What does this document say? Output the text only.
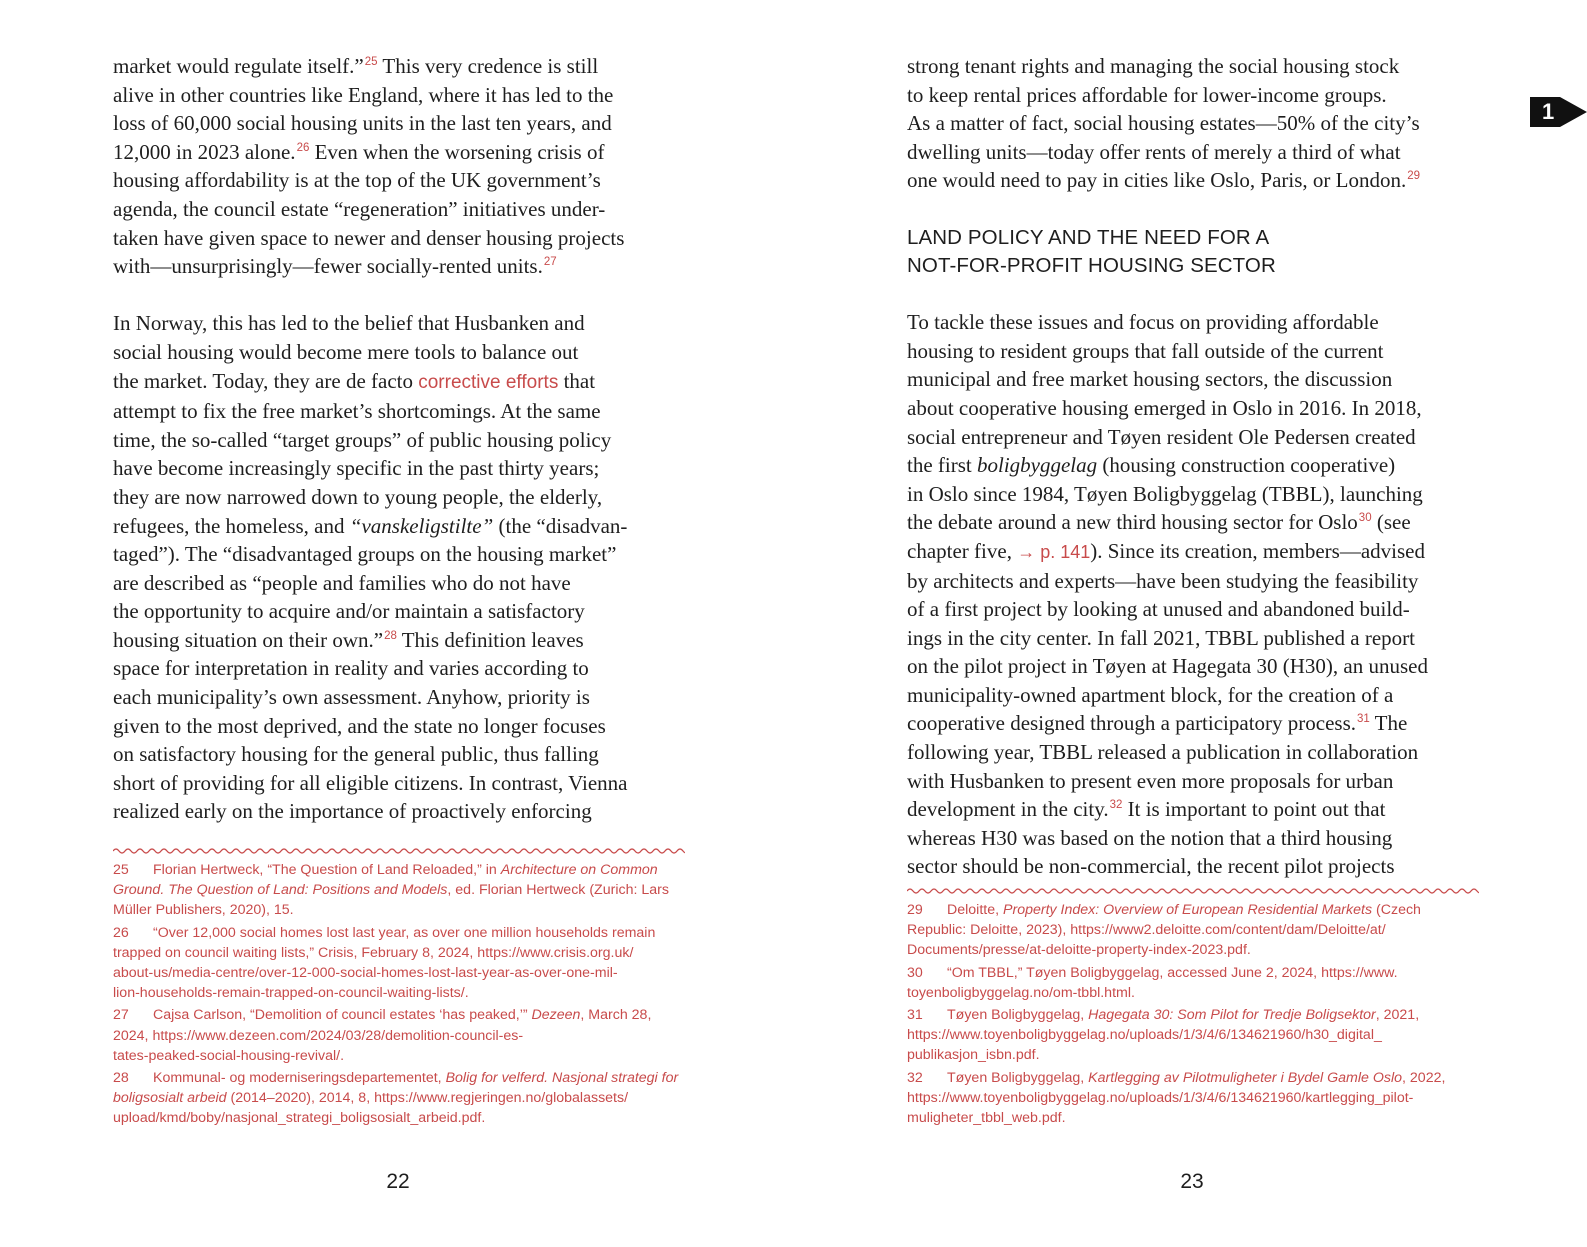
market would regulate itself.”$^{25}$ This very credence is still

alive in other countries like England, where it has led to the

loss of 60,000 social housing units in the last ten years, and

12,000 in 2023 alone.$^{26}$ Even when the worsening crisis of

housing affordability is at the top of the UK government’s

agenda, the council estate “regeneration” initiatives under-

taken have given space to newer and denser housing projects

with—unsurprisingly—fewer socially-rented units.$^{27}$

In Norway, this has led to the belief that Husbanken and

social housing would become mere tools to balance out

the market. Today, they are de facto corrective efforts that

attempt to fix the free market’s shortcomings. At the same

time, the so-called “target groups” of public housing policy

have become increasingly specific in the past thirty years;

they are now narrowed down to young people, the elderly,

refugees, the homeless, and “vanskeligstilte” (the “disadvan-

taged”). The “disadvantaged groups on the housing market”

are described as “people and families who do not have

the opportunity to acquire and/or maintain a satisfactory

housing situation on their own.”$^{28}$ This definition leaves

space for interpretation in reality and varies according to

each municipality’s own assessment. Anyhow, priority is

given to the most deprived, and the state no longer focuses

on satisfactory housing for the general public, thus falling

short of providing for all eligible citizens. In contrast, Vienna

realized early on the importance of proactively enforcing

25 Florian Hertweck, “The Question of Land Reloaded,” in Architecture on Common
Ground. The Question of Land: Positions and Models, ed. Florian Hertweck (Zurich: Lars
Müller Publishers, 2020), 15.
26 “Over 12,000 social homes lost last year, as over one million households remain
trapped on council waiting lists,” Crisis, February 8, 2024, https://www.crisis.org.uk/
about-us/media-centre/over-12-000-social-homes-lost-last-year-as-over-one-mil-
lion-households-remain-trapped-on-council-waiting-lists/.
27 Cajsa Carlson, “Demolition of council estates ‘has peaked,’” Dezeen, March 28,
2024, https://www.dezeen.com/2024/03/28/demolition-council-es-
tates-peaked-social-housing-revival/.
28 Kommunal- og moderniseringsdepartementet, Bolig for velferd. Nasjonal strategi for
boligsosialt arbeid (2014–2020), 2014, 8, https://www.regjeringen.no/globalassets/
upload/kmd/boby/nasjonal_strategi_boligsosialt_arbeid.pdf.
22

strong tenant rights and managing the social housing stock

to keep rental prices affordable for lower-income groups.

As a matter of fact, social housing estates—50% of the city’s

dwelling units—today offer rents of merely a third of what

one would need to pay in cities like Oslo, Paris, or London.$^{29}$

LAND POLICY AND THE NEED FOR A
NOT-FOR-PROFIT HOUSING SECTOR

To tackle these issues and focus on providing affordable

housing to resident groups that fall outside of the current

municipal and free market housing sectors, the discussion

about cooperative housing emerged in Oslo in 2016. In 2018,

social entrepreneur and Tøyen resident Ole Pedersen created

the first boligbyggelag (housing construction cooperative)

in Oslo since 1984, Tøyen Boligbyggelag (TBBL), launching

the debate around a new third housing sector for Oslo$^{30}$ (see

chapter five, → p. 141). Since its creation, members—advised

by architects and experts—have been studying the feasibility

of a first project by looking at unused and abandoned build-

ings in the city center. In fall 2021, TBBL published a report

on the pilot project in Tøyen at Hagegata 30 (H30), an unused

municipality-owned apartment block, for the creation of a

cooperative designed through a participatory process.$^{31}$ The

following year, TBBL released a publication in collaboration

with Husbanken to present even more proposals for urban

development in the city.$^{32}$ It is important to point out that

whereas H30 was based on the notion that a third housing

sector should be non-commercial, the recent pilot projects

29 Deloitte, Property Index: Overview of European Residential Markets (Czech
Republic: Deloitte, 2023), https://www2.deloitte.com/content/dam/Deloitte/at/
Documents/presse/at-deloitte-property-index-2023.pdf.
30 “Om TBBL,” Tøyen Boligbyggelag, accessed June 2, 2024, https://www.
toyenboligbyggelag.no/om-tbbl.html.
31 Tøyen Boligbyggelag, Hagegata 30: Som Pilot for Tredje Boligsektor, 2021,
https://www.toyenboligbyggelag.no/uploads/1/3/4/6/134621960/h30_digital_
publikasjon_isbn.pdf.
32 Tøyen Boligbyggelag, Kartlegging av Pilotmuligheter i Bydel Gamle Oslo, 2022,
https://www.toyenboligbyggelag.no/uploads/1/3/4/6/134621960/kartlegging_pilot-
muligheter_tbbl_web.pdf.
23
1
